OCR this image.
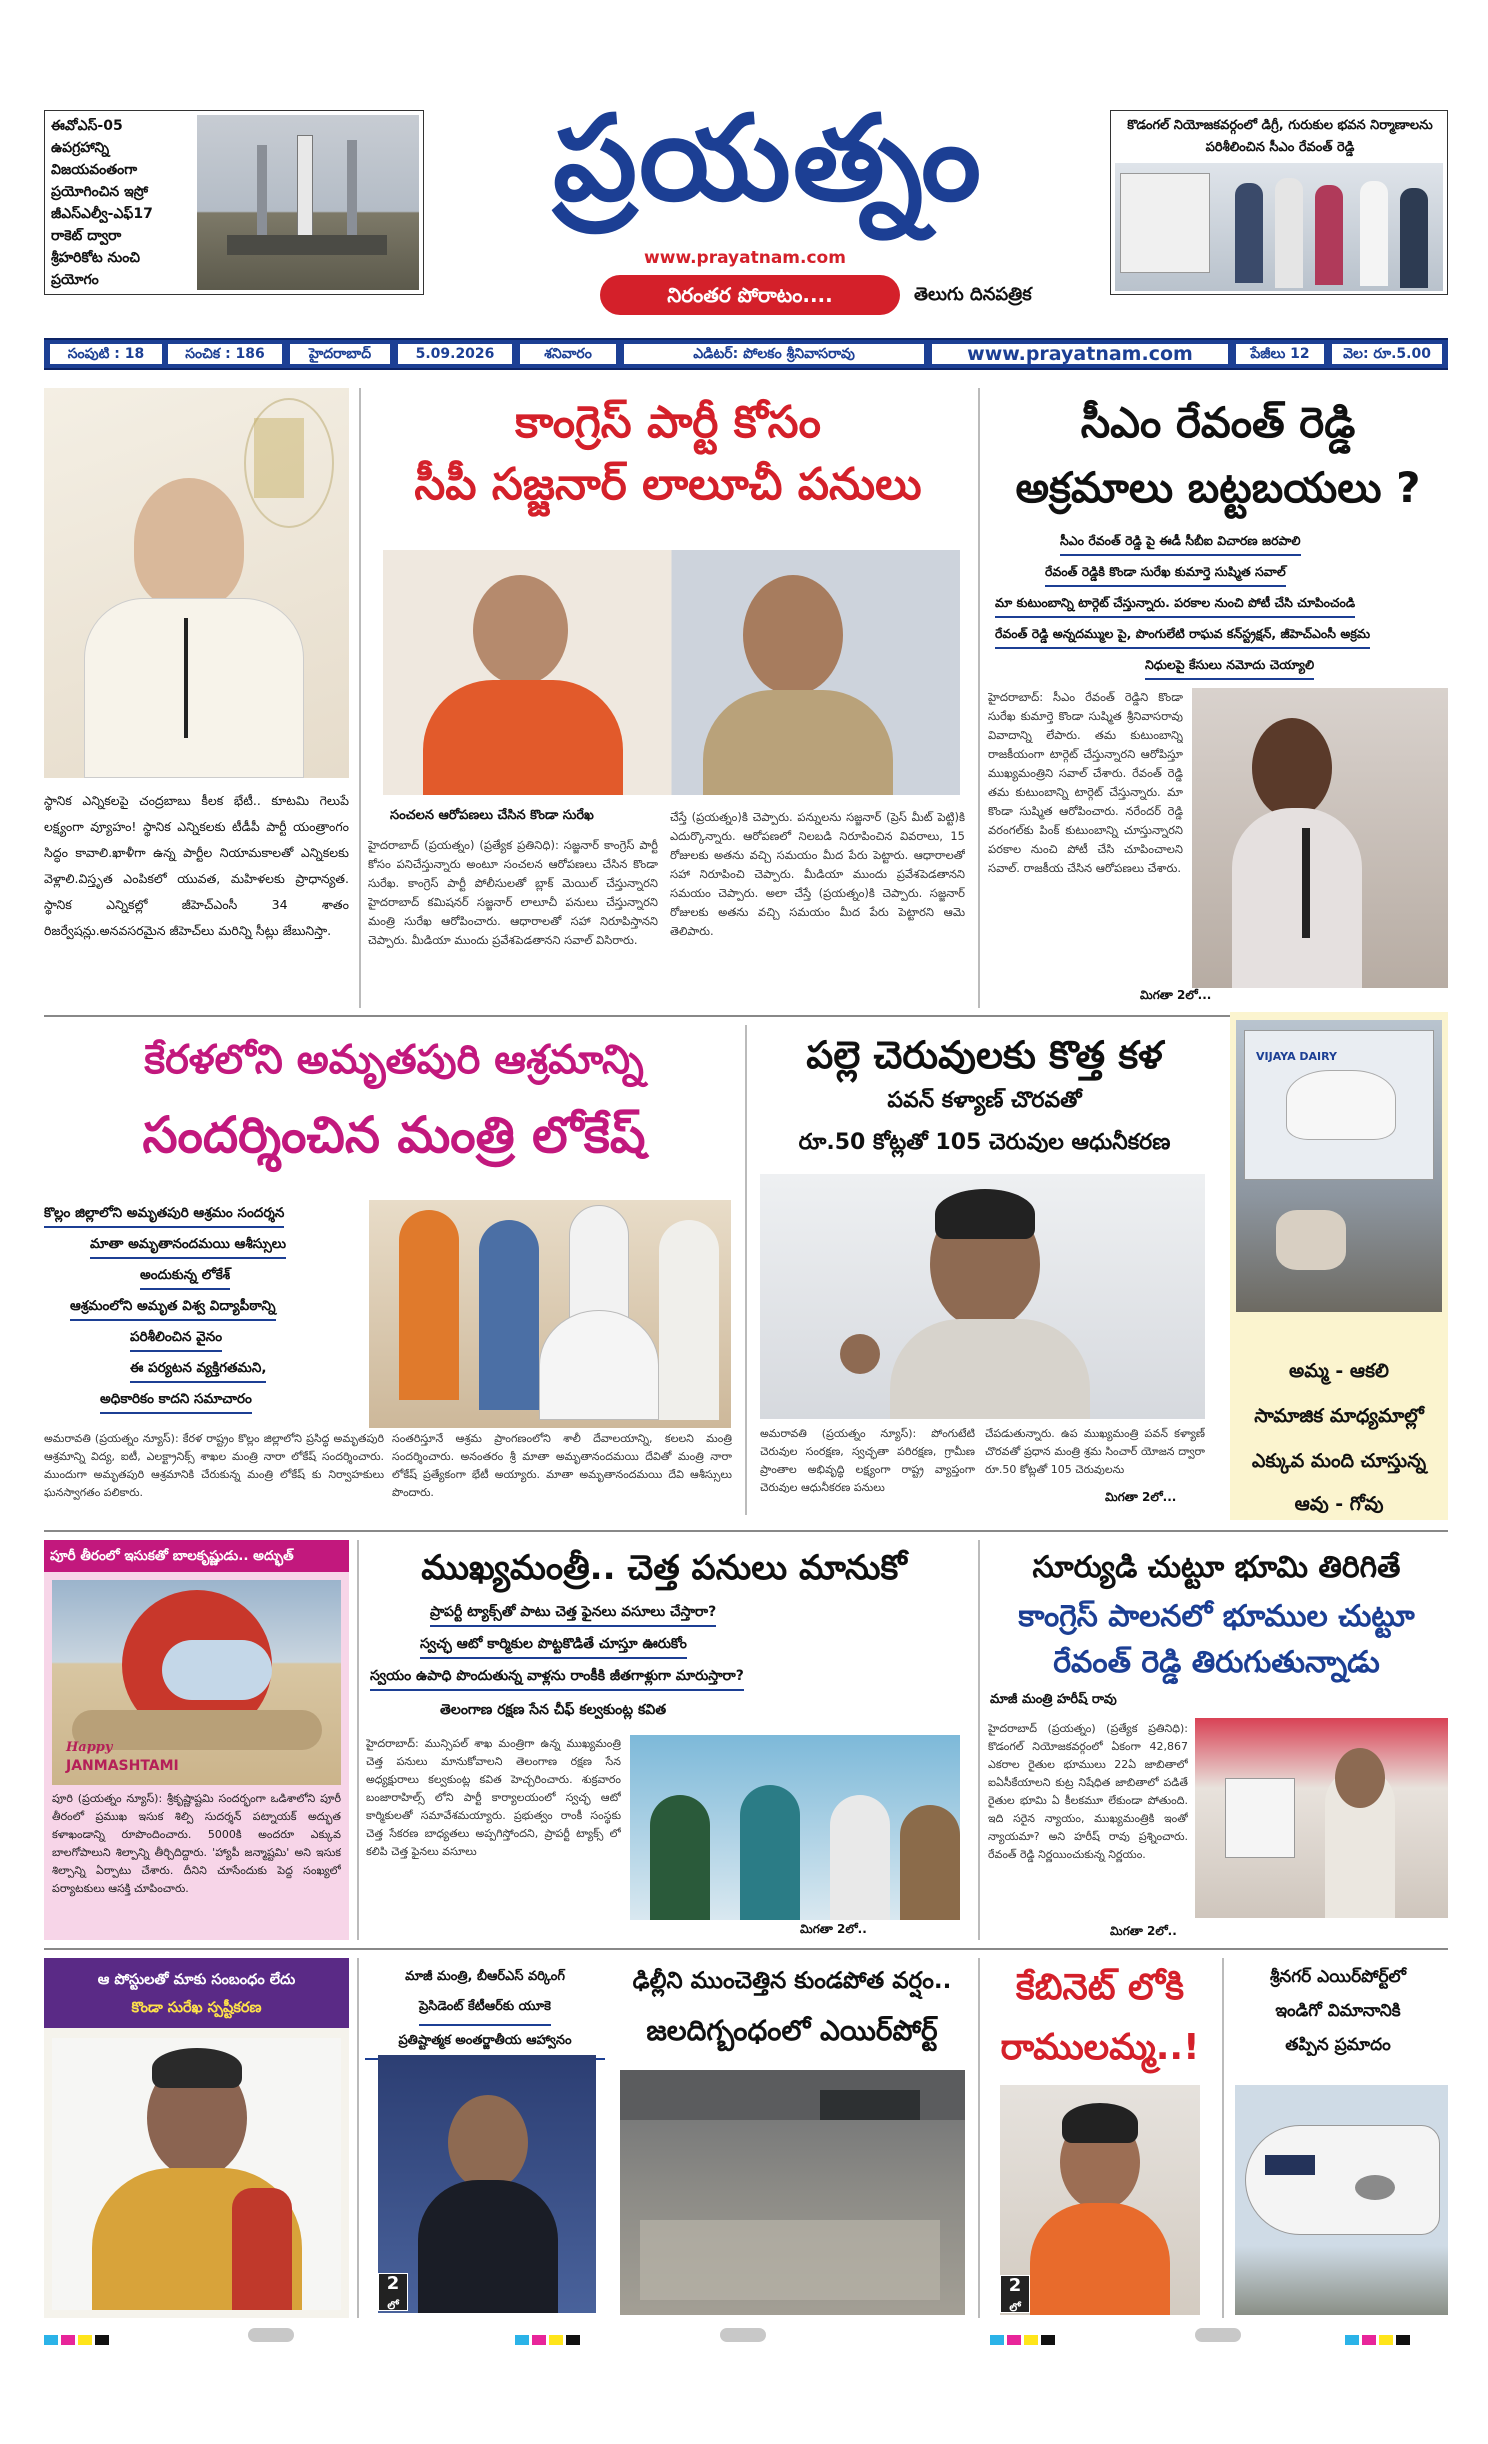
ఈవోఎస్-05
ఉపగ్రహాన్ని
విజయవంతంగా
ప్రయోగించిన ఇస్రో
జీఎస్ఎల్వీ-ఎఫ్17
రాకెట్ ద్వారా
శ్రీహరికోట నుంచి
ప్రయోగం
ప్రయత్నం
www.prayatnam.com
నిరంతర పోరాటం....	తెలుగు దినపత్రిక
కొడంగల్ నియోజకవర్గంలో డిగ్రీ, గురుకుల భవన నిర్మాణాలను పరిశీలించిన సీఎం రేవంత్ రెడ్డి
సంపుటి : 18	సంచిక : 186	హైదరాబాద్	5.09.2026	శనివారం	ఎడిటర్: పోలకం శ్రీనివాసరావు	www.prayatnam.com	పేజీలు 12	వెల: రూ.5.00
స్థానిక ఎన్నికలపై చంద్రబాబు కీలక భేటీ.. కూటమి గెలుపే లక్ష్యంగా వ్యూహం! స్థానిక ఎన్నికలకు టీడీపీ పార్టీ యంత్రాంగం సిద్ధం కావాలి.ఖాళీగా ఉన్న పార్టీల నియామకాలతో ఎన్నికలకు వెళ్లాలి.విస్తృత ఎంపికలో యువత, మహిళలకు ప్రాధాన్యత. స్థానిక ఎన్నికల్లో జీహెచ్ఎంసీ 34 శాతం రిజర్వేషన్లు.అనవసరమైన జీహెచ్‌లు మరిన్ని సీట్లు జేబునిస్తా.
కాంగ్రెస్ పార్టీ కోసం
సీపీ సజ్జనార్ లాలూచీ పనులు
సంచలన ఆరోపణలు చేసిన కొండా సురేఖ
హైదరాబాద్ (ప్రయత్నం) (ప్రత్యేక ప్రతినిధి): సజ్జనార్ కాంగ్రెస్ పార్టీ కోసం పనిచేస్తున్నారు అంటూ సంచలన ఆరోపణలు చేసిన కొండా సురేఖ. కాంగ్రెస్ పార్టీ పోలీసులతో బ్లాక్ మెయిల్ చేస్తున్నారని హైదరాబాద్ కమిషనర్ సజ్జనార్ లాలూచీ పనులు చేస్తున్నారని మంత్రి సురేఖ ఆరోపించారు. ఆధారాలతో సహా నిరూపిస్తానని చెప్పారు. మీడియా ముందు ప్రవేశపెడతానని సవాల్ విసిరారు.
చేస్తే (ప్రయత్నం)కి చెప్పారు. పన్నులను సజ్జనార్ (ప్రెస్ మీట్ పెట్టి)కి ఎదుర్కొన్నారు. ఆరోపణలో నిలబడి నిరూపించిన వివరాలు, 15 రోజులకు అతను వచ్చి సమయం మీద పేరు పెట్టారు. ఆధారాలతో సహా నిరూపించి చెప్పారు. మీడియా ముందు ప్రవేశపెడతానని సమయం చెప్పారు. అలా చేస్తే (ప్రయత్నం)కి చెప్పారు. సజ్జనార్ రోజులకు అతను వచ్చి సమయం మీద పేరు పెట్టారని ఆమె తెలిపారు.
సీఎం రేవంత్ రెడ్డి
అక్రమాలు బట్టబయలు ?
సీఎం రేవంత్ రెడ్డి పై ఈడీ సీబీఐ విచారణ జరపాలి
రేవంత్ రెడ్డికి కొండా సురేఖ కుమార్తె సుష్మిత సవాల్
మా కుటుంబాన్ని టార్గెట్ చేస్తున్నారు. పరకాల నుంచి పోటీ చేసి చూపించండి
రేవంత్ రెడ్డి అన్నదమ్ముల పై, పొంగులేటి రాఘవ కన్‌స్ట్రక్షన్, జీహెచ్ఎంసీ అక్రమ
నిధులపై కేసులు నమోదు చెయ్యాలి
హైదరాబాద్: సీఎం రేవంత్ రెడ్డిని కొండా సురేఖ కుమార్తె కొండా సుష్మిత శ్రీనివాసరావు వివాదాన్ని లేపారు. తమ కుటుంబాన్ని రాజకీయంగా టార్గెట్ చేస్తున్నారని ఆరోపిస్తూ ముఖ్యమంత్రిని సవాల్ చేశారు. రేవంత్ రెడ్డి తమ కుటుంబాన్ని టార్గెట్ చేస్తున్నారు. మా కొండా సుష్మిత ఆరోపించారు. నరేందర్ రెడ్డి వరంగల్‌కు పింక్ కుటుంబాన్ని చూస్తున్నారని పరకాల నుంచి పోటీ చేసి చూపించాలని సవాల్. రాజకీయ చేసిన ఆరోపణలు చేశారు.
మిగతా 2లో...
కేరళలోని అమృతపురి ఆశ్రమాన్ని
సందర్శించిన మంత్రి లోకేష్
కొల్లం జిల్లాలోని అమృతపురి ఆశ్రమం సందర్శన
మాతా అమృతానందమయి ఆశీస్సులు
అందుకున్న లోకేశ్
ఆశ్రమంలోని అమృత విశ్వ విద్యాపీఠాన్ని
పరిశీలించిన వైనం
ఈ పర్యటన వ్యక్తిగతమని,
అధికారికం కాదని సమాచారం
అమరావతి (ప్రయత్నం న్యూస్): కేరళ రాష్ట్రం కొల్లం జిల్లాలోని ప్రసిద్ధ అమృతపురి ఆశ్రమాన్ని విద్య, ఐటీ, ఎలక్ట్రానిక్స్ శాఖల మంత్రి నారా లోకేష్ సందర్శించారు. ముందుగా అమృతపురి ఆశ్రమానికి చేరుకున్న మంత్రి లోకేష్ కు నిర్వాహకులు ఘనస్వాగతం పలికారు.
సంతరిస్తూనే ఆశ్రమ ప్రాంగణంలోని శాలీ దేవాలయాన్ని, కలలని మంత్రి సందర్శించారు. అనంతరం శ్రీ మాతా అమృతానందమయి దేవితో మంత్రి నారా లోకేష్ ప్రత్యేకంగా భేటీ అయ్యారు. మాతా అమృతానందమయి దేవి ఆశీస్సులు పొందారు.
పల్లె చెరువులకు కొత్త కళ
పవన్ కళ్యాణ్ చొరవతో
రూ.50 కోట్లతో 105 చెరువుల ఆధునీకరణ
అమరావతి (ప్రయత్నం న్యూస్): పోంగుటేటి చెరువుల సంరక్షణ, స్వచ్ఛతా పరిరక్షణ, గ్రామీణ ప్రాంతాల అభివృద్ధి లక్ష్యంగా రాష్ట్ర వ్యాప్తంగా చెరువుల ఆధునీకరణ పనులు
చేపడుతున్నారు. ఉప ముఖ్యమంత్రి పవన్ కళ్యాణ్ చొరవతో ప్రధాన మంత్రి శ్రమ సించార్ యోజన ద్వారా రూ.50 కోట్లతో 105 చెరువులను
మిగతా 2లో...
VIJAYA DAIRY
అమ్మ - ఆకలి
సామాజిక మాధ్యమాల్లో
ఎక్కువ మంది చూస్తున్న
ఆవు - గోవు
పూరీ తీరంలో ఇసుకతో బాలకృష్ణుడు.. అద్భుత్
Happy
JANMASHTAMI
పూరి (ప్రయత్నం న్యూస్): శ్రీకృష్ణాష్టమి సందర్భంగా ఒడిశాలోని పూరీ తీరంలో ప్రముఖ ఇసుక శిల్పి సుదర్శన్ పట్నాయక్ అద్భుత కళాఖండాన్ని రూపొందించారు. 5000కి అందరూ ఎక్కువ బాలగోపాలుని శిల్పాన్ని తీర్చిదిద్దారు. 'హ్యాపీ జన్మాష్టమి' అని ఇసుక శిల్పాన్ని ఏర్పాటు చేశారు. దీనిని చూసేందుకు పెద్ద సంఖ్యలో పర్యాటకులు ఆసక్తి చూపించారు.
ముఖ్యమంత్రీ.. చెత్త పనులు మానుకో
ప్రాపర్టీ ట్యాక్స్‌తో పాటు చెత్త ఫైనలు వసూలు చేస్తారా?
స్వచ్ఛ ఆటో కార్మికుల పొట్టకొడితే చూస్తూ ఊరుకోం
స్వయం ఉపాధి పొందుతున్న వాళ్లను రాంకీకి జీతగాళ్లుగా మారుస్తారా?
తెలంగాణ రక్షణ సేన చీఫ్ కల్వకుంట్ల కవిత
హైదరాబాద్: మున్సిపల్ శాఖ మంత్రిగా ఉన్న ముఖ్యమంత్రి చెత్త పనులు మానుకోవాలని తెలంగాణ రక్షణ సేన అధ్యక్షురాలు కల్వకుంట్ల కవిత హెచ్చరించారు. శుక్రవారం బంజారాహిల్స్ లోని పార్టీ కార్యాలయంలో స్వచ్ఛ ఆటో కార్మికులతో సమావేశమయ్యారు. ప్రభుత్వం రాంకీ సంస్థకు చెత్త సేకరణ బాధ్యతలు అప్పగిస్తోందని, ప్రాపర్టీ ట్యాక్స్ లో కలిపి చెత్త ఫైనలు వసూలు
మిగతా 2లో..
సూర్యుడి చుట్టూ భూమి తిరిగితే
కాంగ్రెస్ పాలనలో భూముల చుట్టూ
రేవంత్ రెడ్డి తిరుగుతున్నాడు
మాజీ మంత్రి హరీష్ రావు
హైదరాబాద్ (ప్రయత్నం) (ప్రత్యేక ప్రతినిధి): కొడంగల్ నియోజకవర్గంలో ఏకంగా 42,867 ఎకరాల రైతుల భూములు 22ఏ జాబితాలో ఐఏసీకేయాలని కుట్ర నిషేధిత జాబితాలో పడితే రైతుల భూమి ఏ కీలకమూ లేకుండా పోతుంది. ఇది సరైన న్యాయం, ముఖ్యమంత్రికి ఇంతో న్యాయమా? అని హరీష్ రావు ప్రశ్నించారు. రేవంత్ రెడ్డి నిర్ణయించుకున్న నిర్ణయం.
మిగతా 2లో..
ఆ పోస్టులతో మాకు సంబంధం లేదు
కొండా సురేఖ స్పష్టీకరణ
మాజీ మంత్రి, బీఆర్ఎస్ వర్కింగ్
ప్రెసిడెంట్ కేటీఆర్‌కు యూకె
ప్రతిష్టాత్మక అంతర్జాతీయ ఆహ్వానం
2
లో
ఢిల్లీని ముంచెత్తిన కుండపోత వర్షం..
జలదిగ్బంధంలో ఎయిర్‌పోర్ట్
కేబినెట్ లోకి
రాములమ్మ..!
2
లో
శ్రీనగర్ ఎయిర్‌పోర్ట్‌లో
ఇండిగో విమానానికి
తప్పిన ప్రమాదం
